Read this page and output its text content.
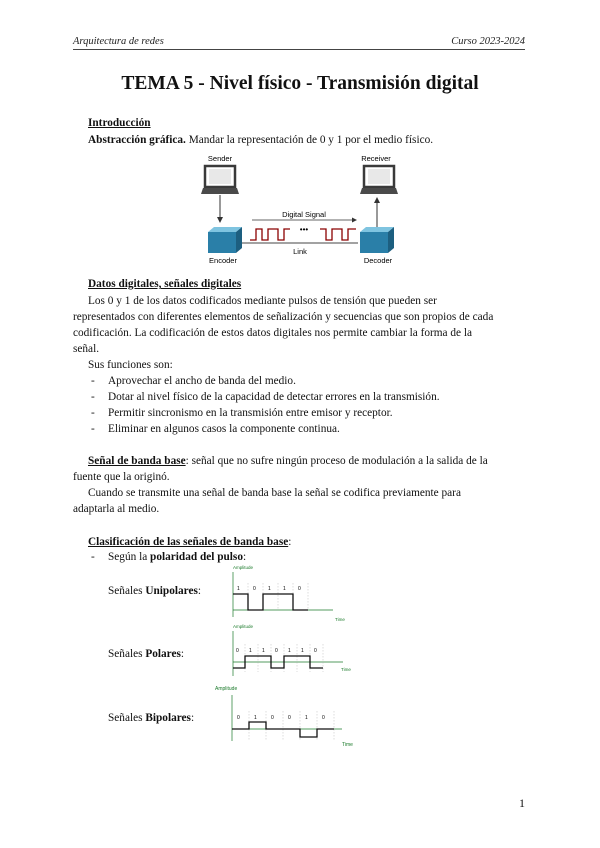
Arquitectura de redes	Curso 2023-2024
TEMA 5 - Nivel físico - Transmisión digital
Introducción
Abstracción gráfica. Mandar la representación de 0 y 1 por el medio físico.
Sender	Receiver
Encoder	Decoder
Digital Signal
•••
Link
Datos digitales, señales digitales
Los 0 y 1 de los datos codificados mediante pulsos de tensión que pueden ser
representados con diferentes elementos de señalización y secuencias que son propios de cada
codificación. La codificación de estos datos digitales nos permite cambiar la forma de la
señal.
Sus funciones son:
- Aprovechar el ancho de banda del medio.
- Dotar al nivel físico de la capacidad de detectar errores en la transmisión.
- Permitir sincronismo en la transmisión entre emisor y receptor.
- Eliminar en algunos casos la componente continua.
Señal de banda base: señal que no sufre ningún proceso de modulación a la salida de la
fuente que la originó.
Cuando se transmite una señal de banda base la señal se codifica previamente para
adaptarla al medio.
Clasificación de las señales de banda base:
- Según la polaridad del pulso:
Señales Unipolares:
Señales Polares:
Señales Bipolares:
Amplitude
Time
1	0 1 1 0
Amplitude
Time
0 1 1 0 1 1 0
Amplitude
Time
0	1	0	0	1	0
1
